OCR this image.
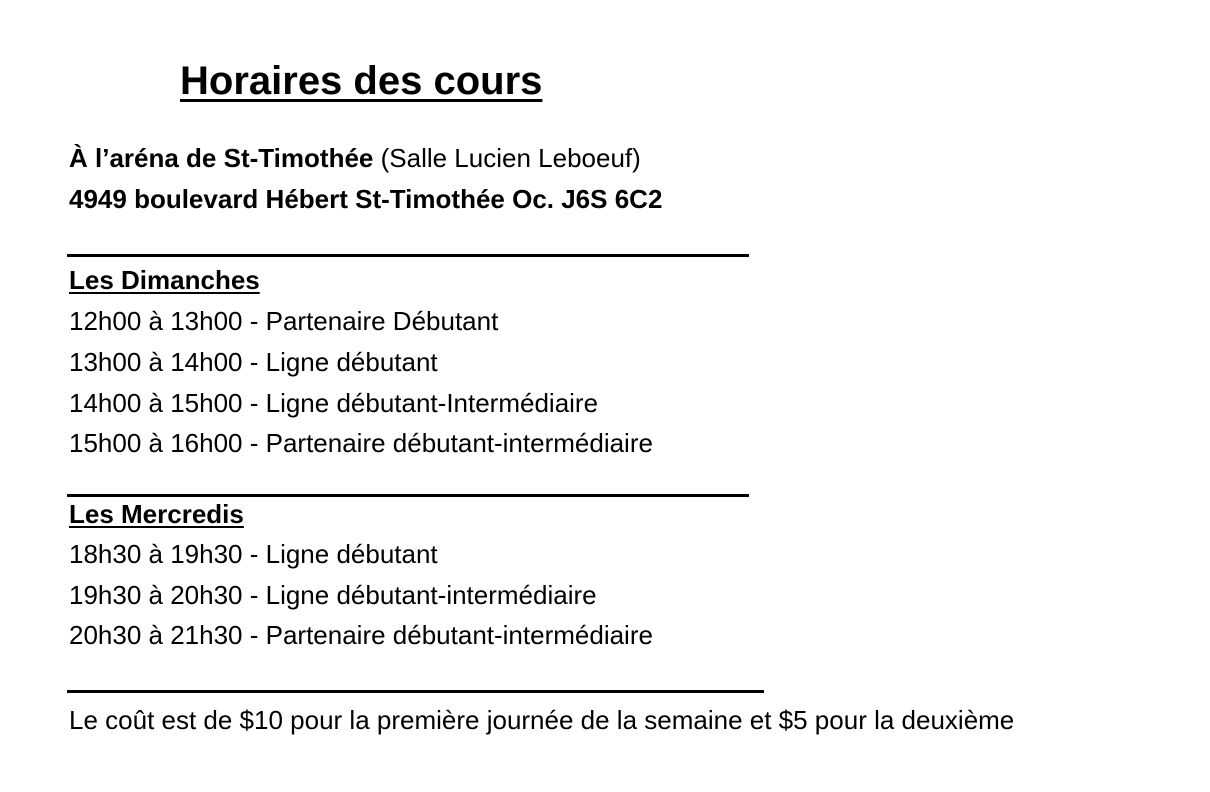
Horaires des cours

À l’aréna de St-Timothée (Salle Lucien Leboeuf)

4949 boulevard Hébert St-Timothée Oc. J6S 6C2

Les Dimanches

12h00 à 13h00 - Partenaire Débutant

13h00 à 14h00 - Ligne débutant

14h00 à 15h00 - Ligne débutant-Intermédiaire

15h00 à 16h00 - Partenaire débutant-intermédiaire

Les Mercredis

18h30 à 19h30 - Ligne débutant

19h30 à 20h30 - Ligne débutant-intermédiaire

20h30 à 21h30 - Partenaire débutant-intermédiaire

Le coût est de $10 pour la première journée de la semaine et $5 pour la deuxième
